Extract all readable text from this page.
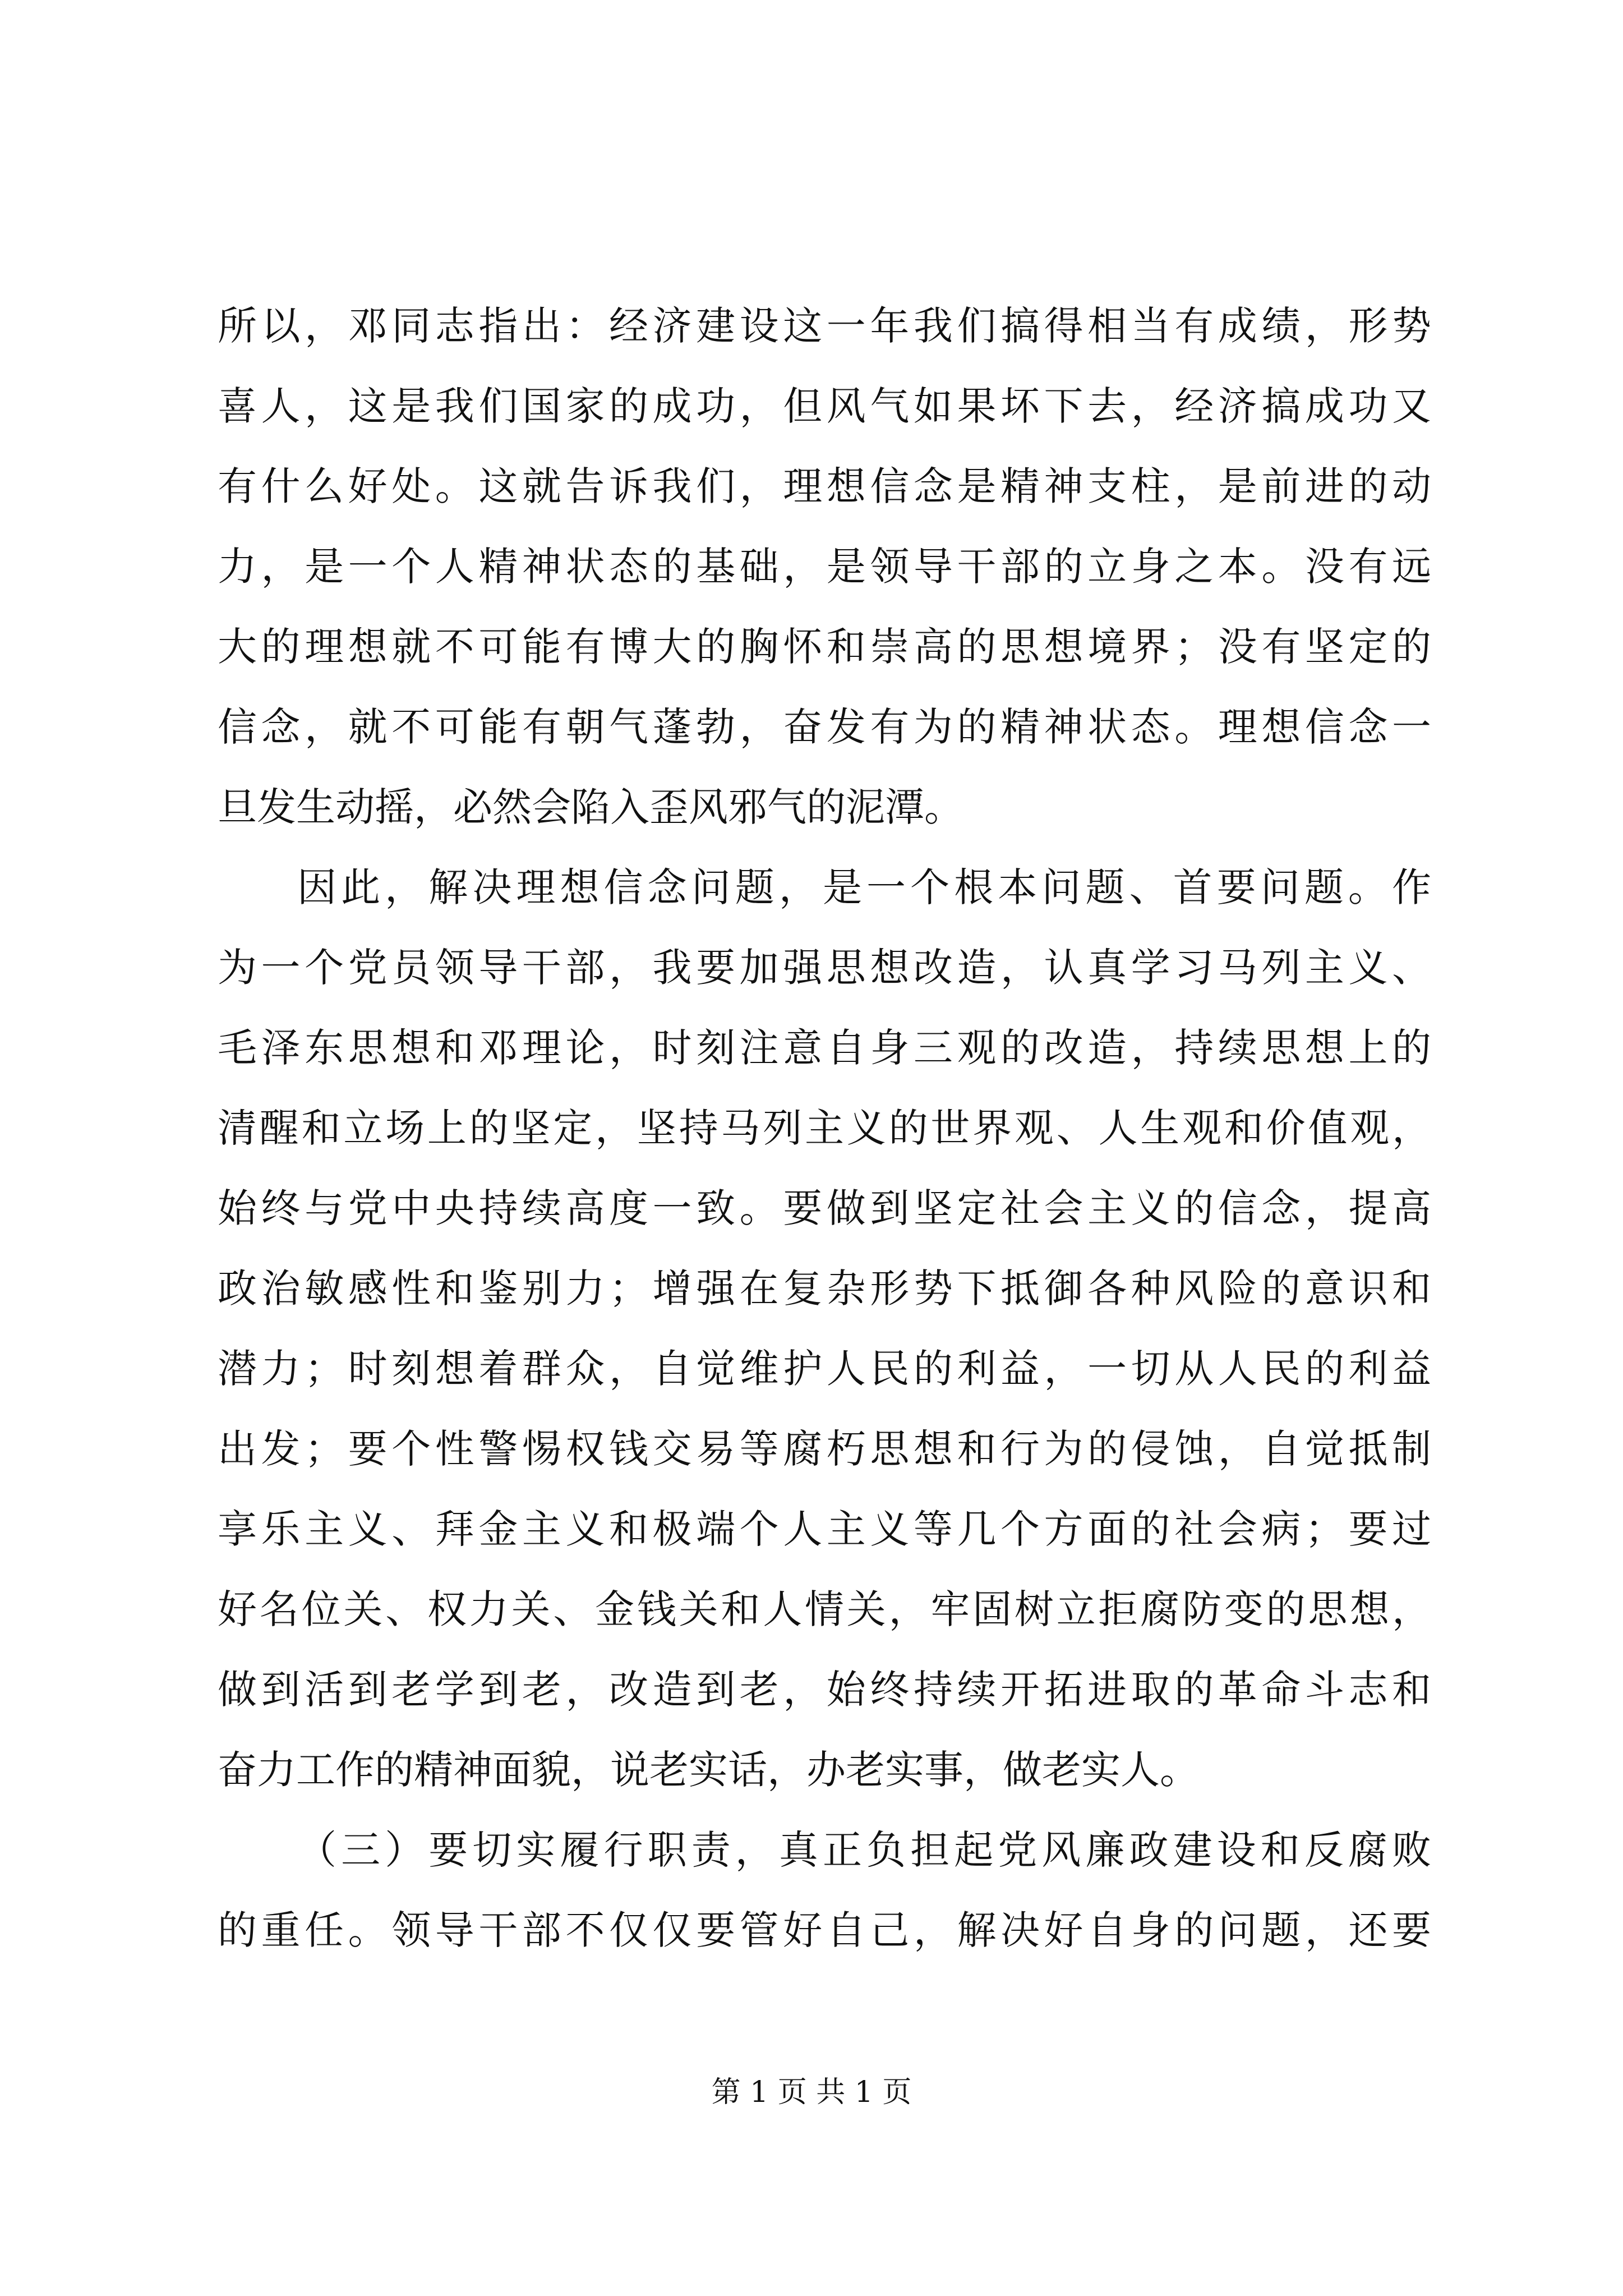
所以，邓同志指出：经济建设这一年我们搞得相当有成绩，形势
喜人，这是我们国家的成功，但风气如果坏下去，经济搞成功又
有什么好处。这就告诉我们，理想信念是精神支柱，是前进的动
力，是一个人精神状态的基础，是领导干部的立身之本。没有远
大的理想就不可能有博大的胸怀和崇高的思想境界；没有坚定的
信念，就不可能有朝气蓬勃，奋发有为的精神状态。理想信念一
旦发生动摇，必然会陷入歪风邪气的泥潭。
因此，解决理想信念问题，是一个根本问题、首要问题。作
为一个党员领导干部，我要加强思想改造，认真学习马列主义、
毛泽东思想和邓理论，时刻注意自身三观的改造，持续思想上的
清醒和立场上的坚定，坚持马列主义的世界观、人生观和价值观，
始终与党中央持续高度一致。要做到坚定社会主义的信念，提高
政治敏感性和鉴别力；增强在复杂形势下抵御各种风险的意识和
潜力；时刻想着群众，自觉维护人民的利益，一切从人民的利益
出发；要个性警惕权钱交易等腐朽思想和行为的侵蚀，自觉抵制
享乐主义、拜金主义和极端个人主义等几个方面的社会病；要过
好名位关、权力关、金钱关和人情关，牢固树立拒腐防变的思想，
做到活到老学到老，改造到老，始终持续开拓进取的革命斗志和
奋力工作的精神面貌，说老实话，办老实事，做老实人。
（三）要切实履行职责，真正负担起党风廉政建设和反腐败
的重任。领导干部不仅仅要管好自己，解决好自身的问题，还要
第 1 页 共 1 页
